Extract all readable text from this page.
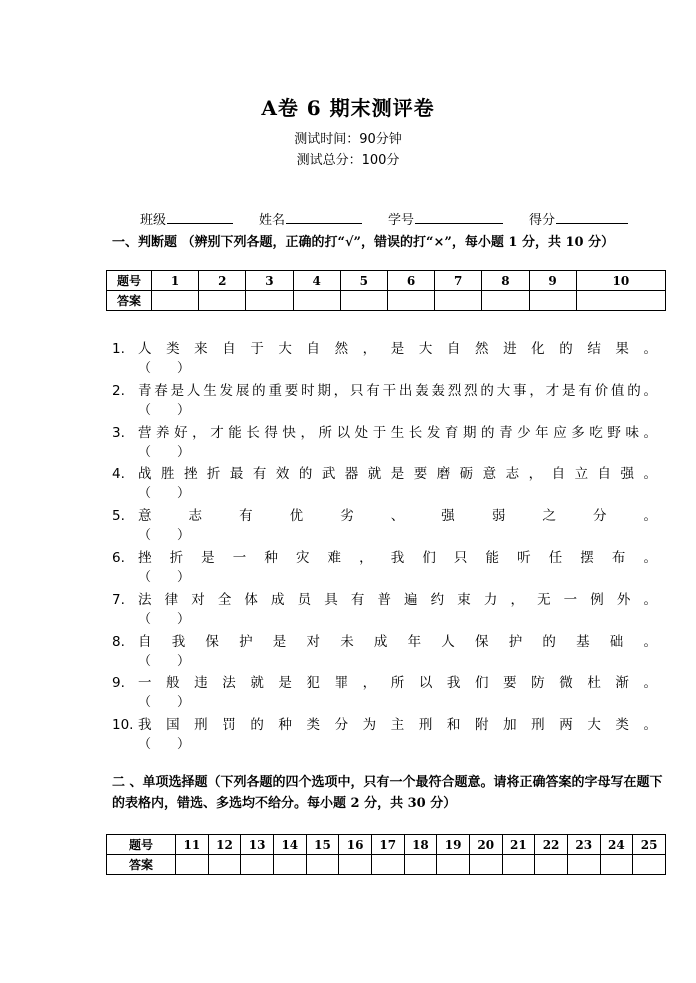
A卷 6 期末测评卷
测试时间：90分钟
测试总分：100分
班级	姓名	学号	得分
一、判断题 （辨别下列各题，正确的打“√”，错误的打“×”，每小题 1 分，共 10 分）
题号	1	2	3	4	5	6	7	8	9	10
答案										
1. 人类来自于大自然，是大自然进化的结果。
（　　）
2. 青春是人生发展的重要时期，只有干出轰轰烈烈的大事，才是有价值的。
（　　）
3. 营养好，才能长得快，所以处于生长发育期的青少年应多吃野味。
（　　）
4. 战胜挫折最有效的武器就是要磨砺意志，自立自强。
（　　）
5. 意志有优劣、强弱之分。
（　　）
6. 挫折是一种灾难，我们只能听任摆布。
（　　）
7. 法律对全体成员具有普遍约束力，无一例外。
（　　）
8. 自我保护是对未成年人保护的基础。
（　　）
9. 一般违法就是犯罪，所以我们要防微杜渐。
（　　）
10. 我国刑罚的种类分为主刑和附加刑两大类。
（　　）
二 、单项选择题（下列各题的四个选项中，只有一个最符合题意。请将正确答案的字母写在题下的表格内，错选、多选均不给分。每小题 2 分，共 30 分）
题号	11	12	13	14	15	16	17	18	19	20	21	22	23	24	25
答案															
